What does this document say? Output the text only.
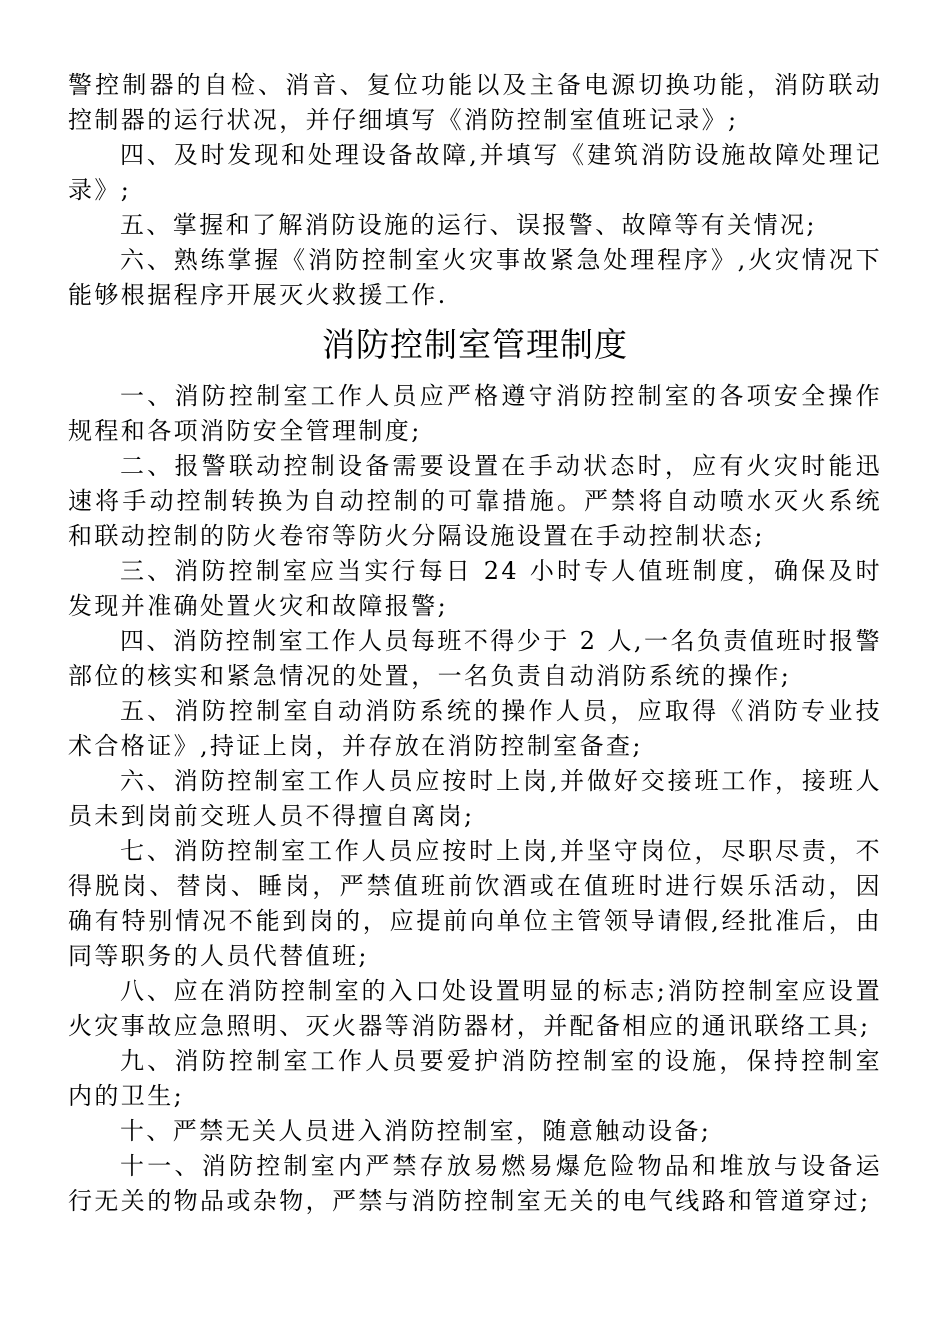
警控制器的自检、消音、复位功能以及主备电源切换功能，消防联动控制器的运行状况，并仔细填写《消防控制室值班记录》;

四、及时发现和处理设备故障,并填写《建筑消防设施故障处理记录》;

五、掌握和了解消防设施的运行、误报警、故障等有关情况;

六、熟练掌握《消防控制室火灾事故紧急处理程序》,火灾情况下能够根据程序开展灭火救援工作.

消防控制室管理制度

一、消防控制室工作人员应严格遵守消防控制室的各项安全操作规程和各项消防安全管理制度;

二、报警联动控制设备需要设置在手动状态时，应有火灾时能迅速将手动控制转换为自动控制的可靠措施。严禁将自动喷水灭火系统和联动控制的防火卷帘等防火分隔设施设置在手动控制状态;

三、消防控制室应当实行每日 24 小时专人值班制度，确保及时发现并准确处置火灾和故障报警;

四、消防控制室工作人员每班不得少于 2 人,一名负责值班时报警部位的核实和紧急情况的处置，一名负责自动消防系统的操作;

五、消防控制室自动消防系统的操作人员，应取得《消防专业技术合格证》,持证上岗，并存放在消防控制室备查;

六、消防控制室工作人员应按时上岗,并做好交接班工作，接班人员未到岗前交班人员不得擅自离岗;

七、消防控制室工作人员应按时上岗,并坚守岗位，尽职尽责，不得脱岗、替岗、睡岗，严禁值班前饮酒或在值班时进行娱乐活动，因确有特别情况不能到岗的，应提前向单位主管领导请假,经批准后，由同等职务的人员代替值班;

八、应在消防控制室的入口处设置明显的标志;消防控制室应设置火灾事故应急照明、灭火器等消防器材，并配备相应的通讯联络工具;

九、消防控制室工作人员要爱护消防控制室的设施，保持控制室内的卫生;

十、严禁无关人员进入消防控制室，随意触动设备;

十一、消防控制室内严禁存放易燃易爆危险物品和堆放与设备运行无关的物品或杂物，严禁与消防控制室无关的电气线路和管道穿过;
